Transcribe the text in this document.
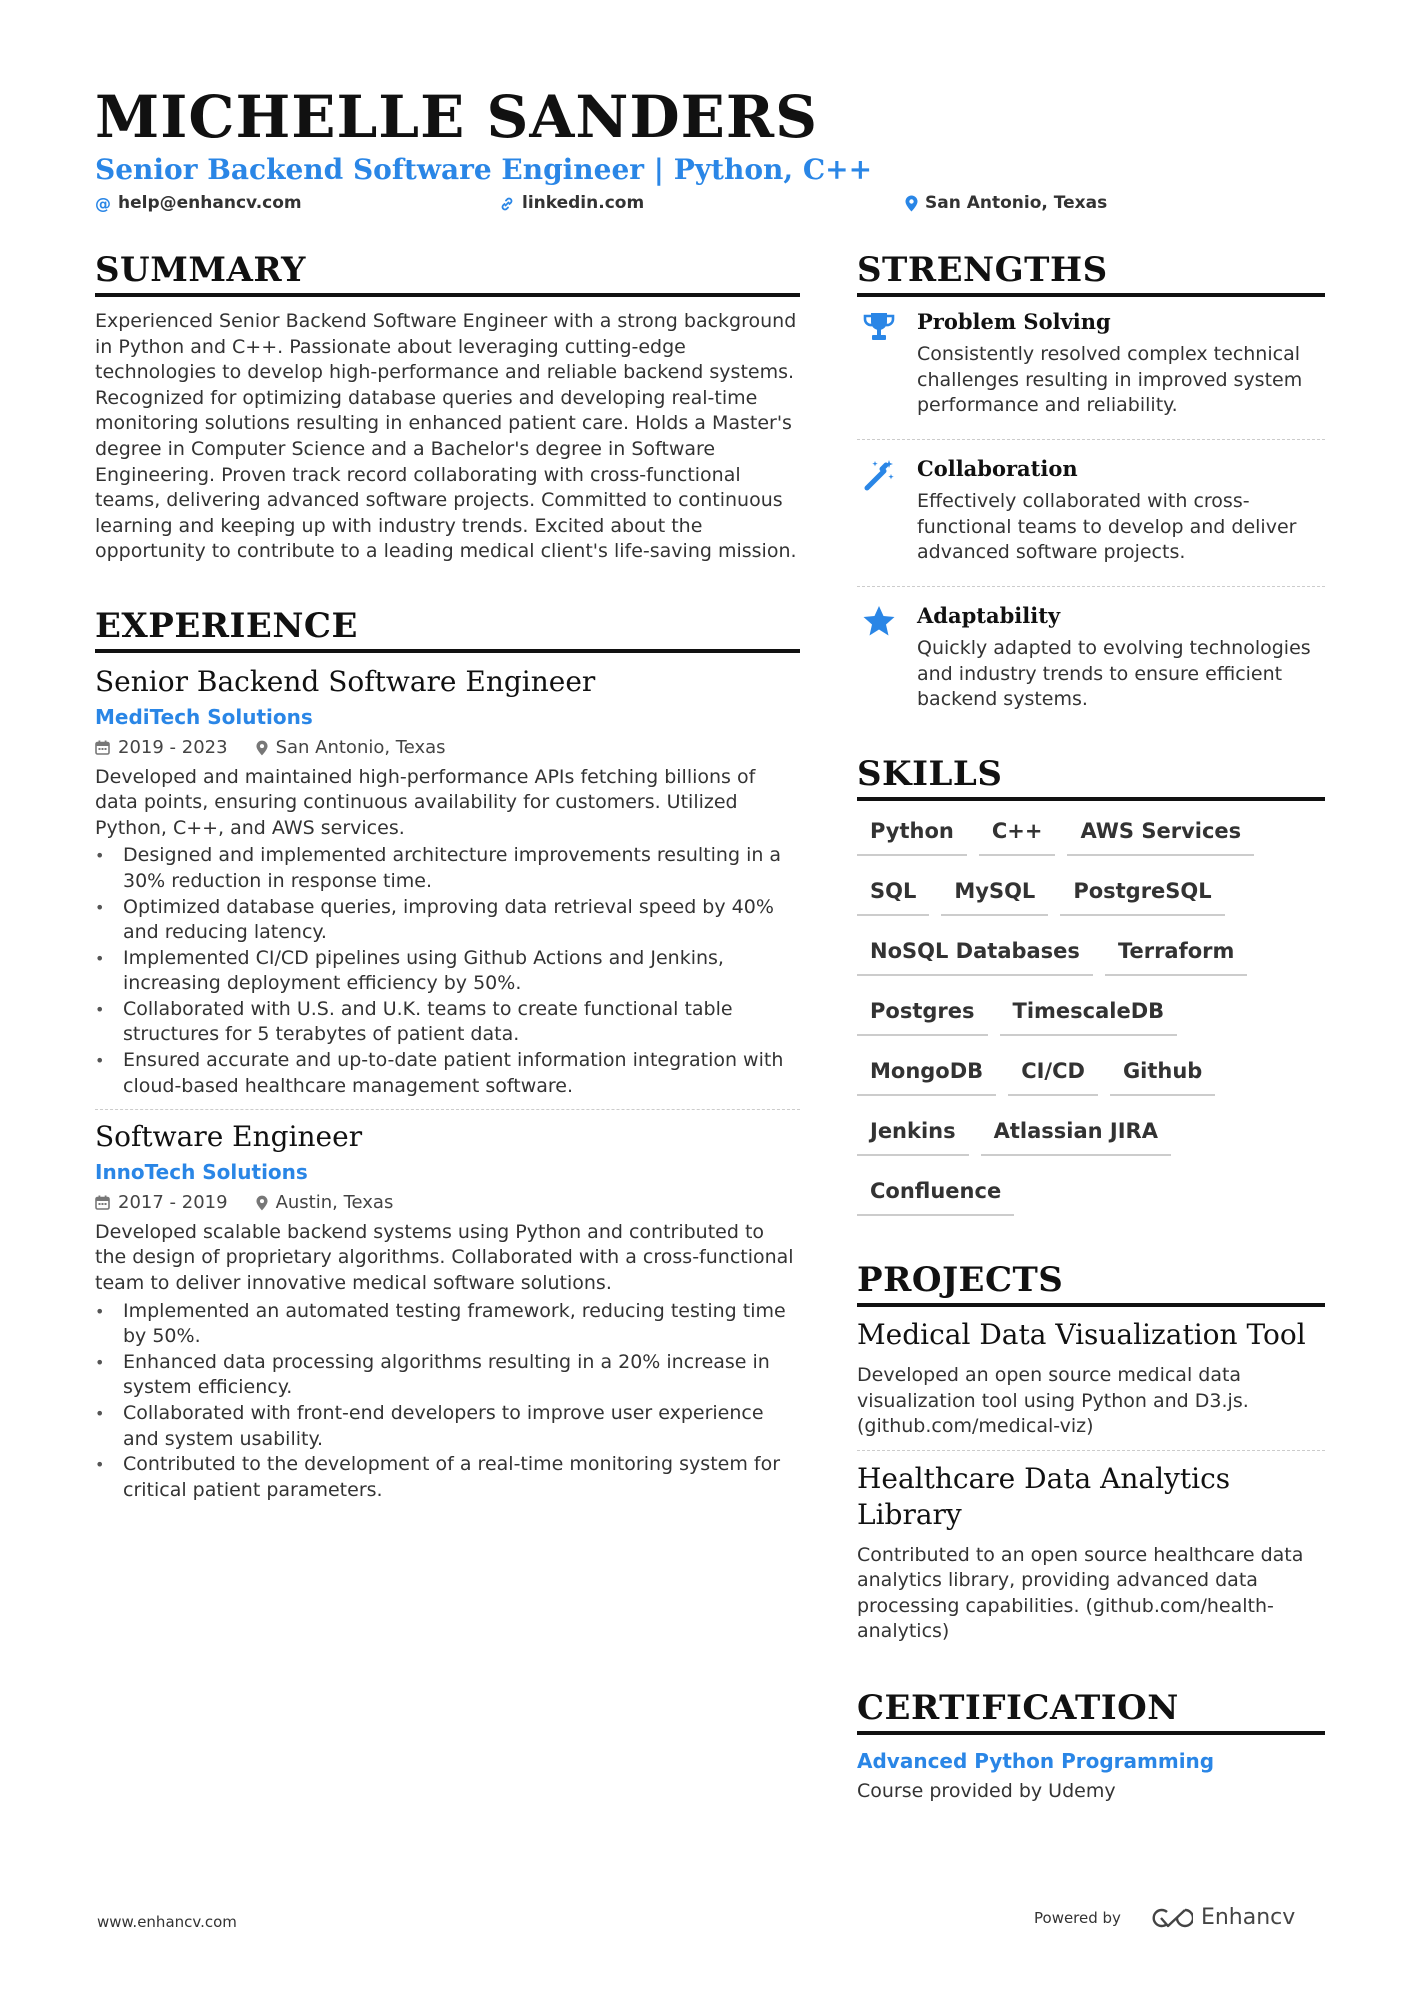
MICHELLE SANDERS
Senior Backend Software Engineer | Python, C++
@ help@enhancv.com	linkedin.com	San Antonio, Texas
SUMMARY
Experienced Senior Backend Software Engineer with a strong background in Python and C++. Passionate about leveraging cutting-edge technologies to develop high-performance and reliable backend systems. Recognized for optimizing database queries and developing real-time monitoring solutions resulting in enhanced patient care. Holds a Master's degree in Computer Science and a Bachelor's degree in Software Engineering. Proven track record collaborating with cross-functional teams, delivering advanced software projects. Committed to continuous learning and keeping up with industry trends. Excited about the opportunity to contribute to a leading medical client's life-saving mission.
EXPERIENCE
Senior Backend Software Engineer
MediTech Solutions
2019 - 2023	San Antonio, Texas
Developed and maintained high-performance APIs fetching billions of data points, ensuring continuous availability for customers. Utilized Python, C++, and AWS services.
• Designed and implemented architecture improvements resulting in a 30% reduction in response time.
• Optimized database queries, improving data retrieval speed by 40% and reducing latency.
• Implemented CI/CD pipelines using Github Actions and Jenkins, increasing deployment efficiency by 50%.
• Collaborated with U.S. and U.K. teams to create functional table structures for 5 terabytes of patient data.
• Ensured accurate and up-to-date patient information integration with cloud-based healthcare management software.
Software Engineer
InnoTech Solutions
2017 - 2019	Austin, Texas
Developed scalable backend systems using Python and contributed to the design of proprietary algorithms. Collaborated with a cross-functional team to deliver innovative medical software solutions.
• Implemented an automated testing framework, reducing testing time by 50%.
• Enhanced data processing algorithms resulting in a 20% increase in system efficiency.
• Collaborated with front-end developers to improve user experience and system usability.
• Contributed to the development of a real-time monitoring system for critical patient parameters.
STRENGTHS
Problem Solving
Consistently resolved complex technical challenges resulting in improved system performance and reliability.
Collaboration
Effectively collaborated with cross-functional teams to develop and deliver advanced software projects.
Adaptability
Quickly adapted to evolving technologies and industry trends to ensure efficient backend systems.
SKILLS
Python	C++	AWS Services
SQL	MySQL	PostgreSQL
NoSQL Databases	Terraform
Postgres	TimescaleDB
MongoDB	CI/CD	Github
Jenkins	Atlassian JIRA
Confluence
PROJECTS
Medical Data Visualization Tool
Developed an open source medical data visualization tool using Python and D3.js. (github.com/medical-viz)
Healthcare Data Analytics Library
Contributed to an open source healthcare data analytics library, providing advanced data processing capabilities. (github.com/health-analytics)
CERTIFICATION
Advanced Python Programming
Course provided by Udemy
www.enhancv.com	Powered by	Enhancv
